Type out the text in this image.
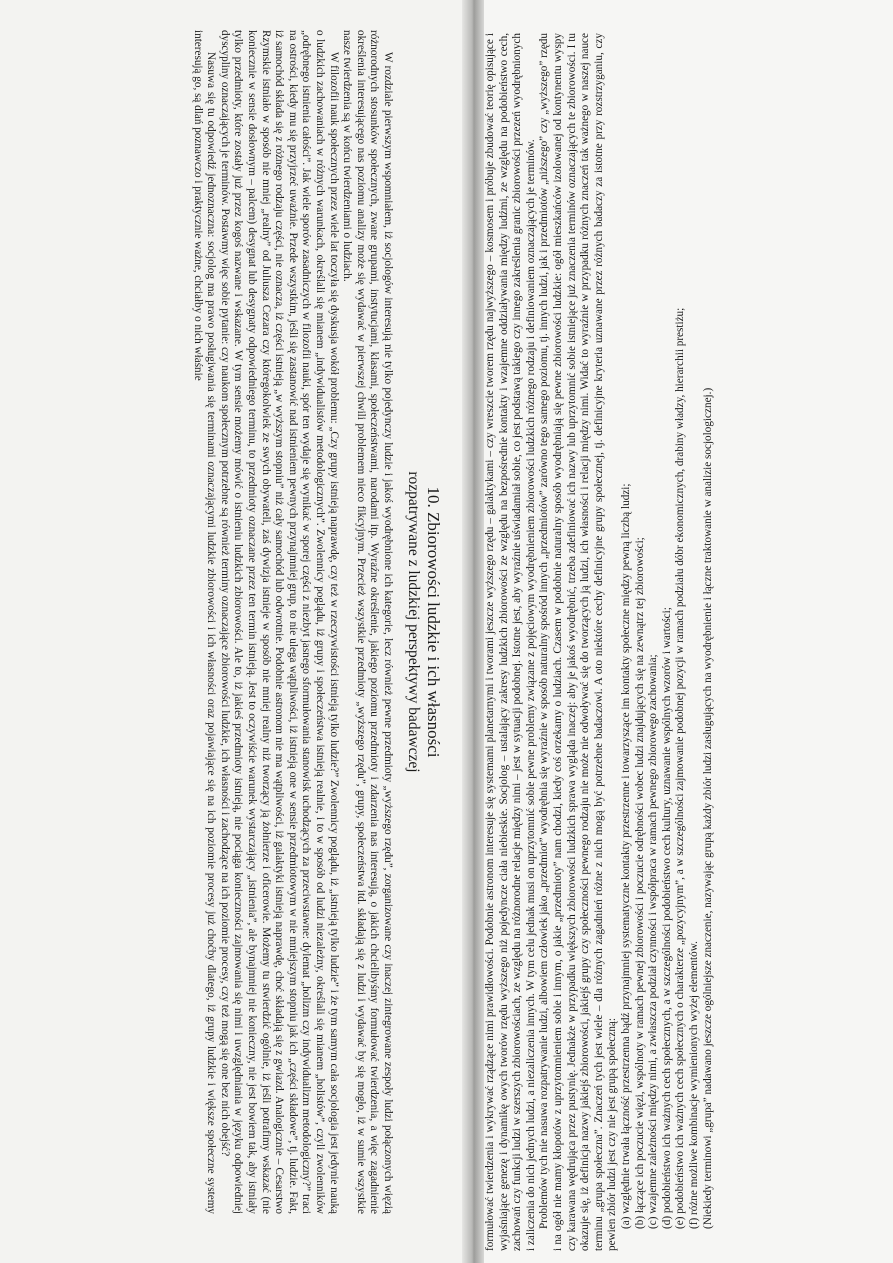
10. Zbiorowości ludzkie i ich własności
rozpatrywane z ludzkiej perspektywy badawczej

W rozdziale pierwszym wspomniałem, iż socjologów interesują nie tylko pojedynczy ludzie i jakoś wyodrębnione ich kategorie, lecz również pewne przedmioty „wyższego rzędu”, zorganizowane czy inaczej zintegrowane zespoły ludzi połączonych więzią różnorodnych stosunków społecznych, zwane grupami, instytucjami, klasami, społeczeństwami, narodami itp. Wyraźne określenie, jakiego poziomu przedmioty i zdarzenia nas interesują, o jakich chcielibyśmy formułować twierdzenia, a więc zagadnienie określenia interesującego nas poziomu analizy może się wydawać w pierwszej chwili problemem nieco fikcyjnym. Przecież wszystkie przedmioty „wyższego rzędu”, grupy, społeczeństwa itd. składają się z ludzi i wydawać by się mogło, iż w sumie wszystkie nasze twierdzenia są w końcu twierdzeniami o ludziach.

W filozofii nauk społecznych przez wiele lat toczyła się dyskusja wokół problemu: „Czy grupy istnieją naprawdę, czy też w rzeczywistości istnieją tylko ludzie?” Zwolennicy poglądu, iż „istnieją tylko ludzie” i że tym samym cała socjologia jest jedynie nauką o ludzkich zachowaniach w różnych warunkach, określali się mianem „indywidualistów metodologicznych”. Zwolennicy poglądu, iż grupy i społeczeństwa istnieją realnie, i to w sposób od ludzi niezależny, określali się mianem „holistów”, czyli zwolenników „odrębnego istnienia całości”. Jak wiele sporów zasadniczych w filozofii nauki, spór ten wydaje się wynikać w sporej części z niezbyt jasnego sformułowania stanowisk uchodzących za przeciwstawne: dylemat „holizm czy indywidualizm metodologiczny?” traci na ostrości, kiedy mu się przyjrzeć uważnie. Przede wszystkim, jeśli się zastanowić nad istnieniem pewnych przynajmniej grup, to nie ulega wątpliwości, iż istnieją one w sensie przedmiotowym w nie mniejszym stopniu jak ich „części składowe”, tj. ludzie. Fakt, iż samochód składa się z różnego rodzaju części, nie oznacza, iż części istnieją „w wyższym stopniu” niż cały samochód lub odwrotnie. Podobnie astronom nie ma wątpliwości, iż galaktyki istnieją naprawdę, choć składają się z gwiazd. Analogicznie – Cesarstwo Rzymskie istniało w sposób nie mniej „realny” od Juliusza Cezara czy któregokolwiek ze swych obywateli, zaś dywizja istnieje w sposób nie mniej realny niż tworzący ją żołnierze i oficerowie. Możemy tu stwierdzić ogólnie, iż jeśli potrafimy wskazać (nie koniecznie w sensie dosłownym – palcem) desygnat lub desygnaty odpowiedniego terminu, to przedmioty oznaczane przez ten termin istnieją. Jest to oczywiście warunek wystarczający „istnienia”, ale bynajmniej nie konieczny, nie jest bowiem tak, aby istniały tylko przedmioty, które zostały już przez kogoś nazwane i wskazane. W tym sensie możemy mówić o istnieniu ludzkich zbiorowości. Ale to, iż jakieś przedmioty istnieją, nie pociąga konieczności zajmowania się nimi i uwzględniania w języku odpowiedniej dyscypliny oznaczających je terminów. Postawmy więc sobie pytanie: czy naukom społecznym potrzebne są również terminy oznaczające zbiorowości ludzkie, ich własności i zachodzące na ich poziomie procesy, czy też mogą się one bez nich obejść?

Nasuwa się tu odpowiedź jednoznaczna: socjolog ma prawo posługiwania się terminami oznaczającymi ludzkie zbiorowości i ich własności oraz pojawiające się na ich poziomie procesy już choćby dlatego, iż grupy ludzkie i większe społeczne systemy interesują go, są dlań poznawczo i praktycznie ważne, chciałby o nich właśnie	formułować twierdzenia i wykrywać rządzące nimi prawidłowości. Podobnie astronom interesuje się systemami planetarnymi i tworami jeszcze wyższego rzędu – galaktykami – czy wreszcie tworem rzędu najwyższego – kosmosem i próbuje zbudować teorię opisujące i wyjaśniające genezę i dynamikę owych tworów rzędu wyższego niż pojedyncze ciała niebieskie. Socjolog – ustalający zakresy ludzkich zbiorowości ze względu na bezpośrednie kontakty i wzajemne oddziaływania między ludźmi, ze względu na podobieństwo cech, zachowań czy funkcji ludzi w szerszych zbiorowościach, ze względu na różnorodne relacje między nimi – jest w sytuacji podobnej. Istotne jest, aby wyraźnie uświadamiał sobie, co jest podstawą takiego czy innego zakreślenia granic zbiorowości przezeń wyodrębnionych i zaliczenia do nich jednych ludzi, a niezaliczenia innych. W tym celu jednak musi on uprzytomnić sobie pewne problemy związane z pojęciowym wyodrębnieniem zbiorowości ludzkich różnego rodzaju i definiowaniem oznaczających je terminów. Problemów tych nie nasuwa rozpatrywanie ludzi, albowiem człowiek jako „przedmiot” wyodrębnia się wyraźnie w sposób naturalny spośród innych „przedmiotów” zarówno tego samego poziomu, tj. innych ludzi, jak i przedmiotów „niższego” czy „wyższego” rzędu i na ogół nie mamy kłopotów z uprzytomnieniem sobie i innym, o jakie „przedmioty” nam chodzi, kiedy coś orzekamy o ludziach. Czasem w podobnie naturalny sposób wyodrębniają się pewne zbiorowości ludzkie: ogół mieszkańców izolowanej od kontynentu wyspy czy karawana wędrująca przez pustynię. Jednakże w przypadku większych zbiorowości ludzkich sprawa wygląda inaczej: aby je jakoś wyodrębnić, trzeba zdefiniować ich nazwy lub uprzytomnić sobie istniejące już znaczenia terminów oznaczających te zbiorowości. I tu okazuje się, iż definicja nazwy jakiejś zbiorowości, jakiejś grupy czy społeczności pewnego rodzaju nie może nie odwoływać się do tworzących ją ludzi, ich własności i relacji między nimi. Widać to wyraźnie w przypadku różnych znaczeń tak ważnego w naszej nauce terminu „grupa społeczna”. Znaczeń tych jest wiele – dla różnych zagadnień różne z nich mogą być potrzebne badaczowi. A oto niektóre cechy definicyjne grupy społecznej, tj. definicyjne kryteria uznawane przez różnych badaczy za istotne przy rozstrzyganiu, czy pewien zbiór ludzi jest czy nie jest grupą społeczną: (a) względnie trwała łączność przestrzenna bądź przynajmniej systematyczne kontakty przestrzenne i towarzyszące im kontakty społeczne między pewną liczbą ludzi; (b) łączące ich poczucie więzi, wspólnoty w ramach pewnej zbiorowości i poczucie odrębności wobec ludzi znajdujących się na zewnątrz tej zbiorowości; (c) wzajemne zależności między nimi, a zwłaszcza podział czynności i współpraca w ramach pewnego zbiorowego zachowania; (d) podobieństwo ich ważnych cech społecznych, a w szczególności podobieństwo cech kultury, uznawanie wspólnych wzorów i wartości; (e) podobieństwo ich ważnych cech społecznych o charakterze „pozycyjnym”, a w szczególności zajmowanie podobnej pozycji w ramach podziału dóbr ekonomicznych, drabiny władzy, hierarchii prestiżu; (f) różne możliwe kombinacje wymienionych wyżej elementów. (Niekiedy terminowi „grupa” nadawano jeszcze ogólniejsze znaczenie, nazywając grupą każdy zbiór ludzi zasługujących na wyodrębnienie i łączne traktowanie w analizie socjologicznej.)
